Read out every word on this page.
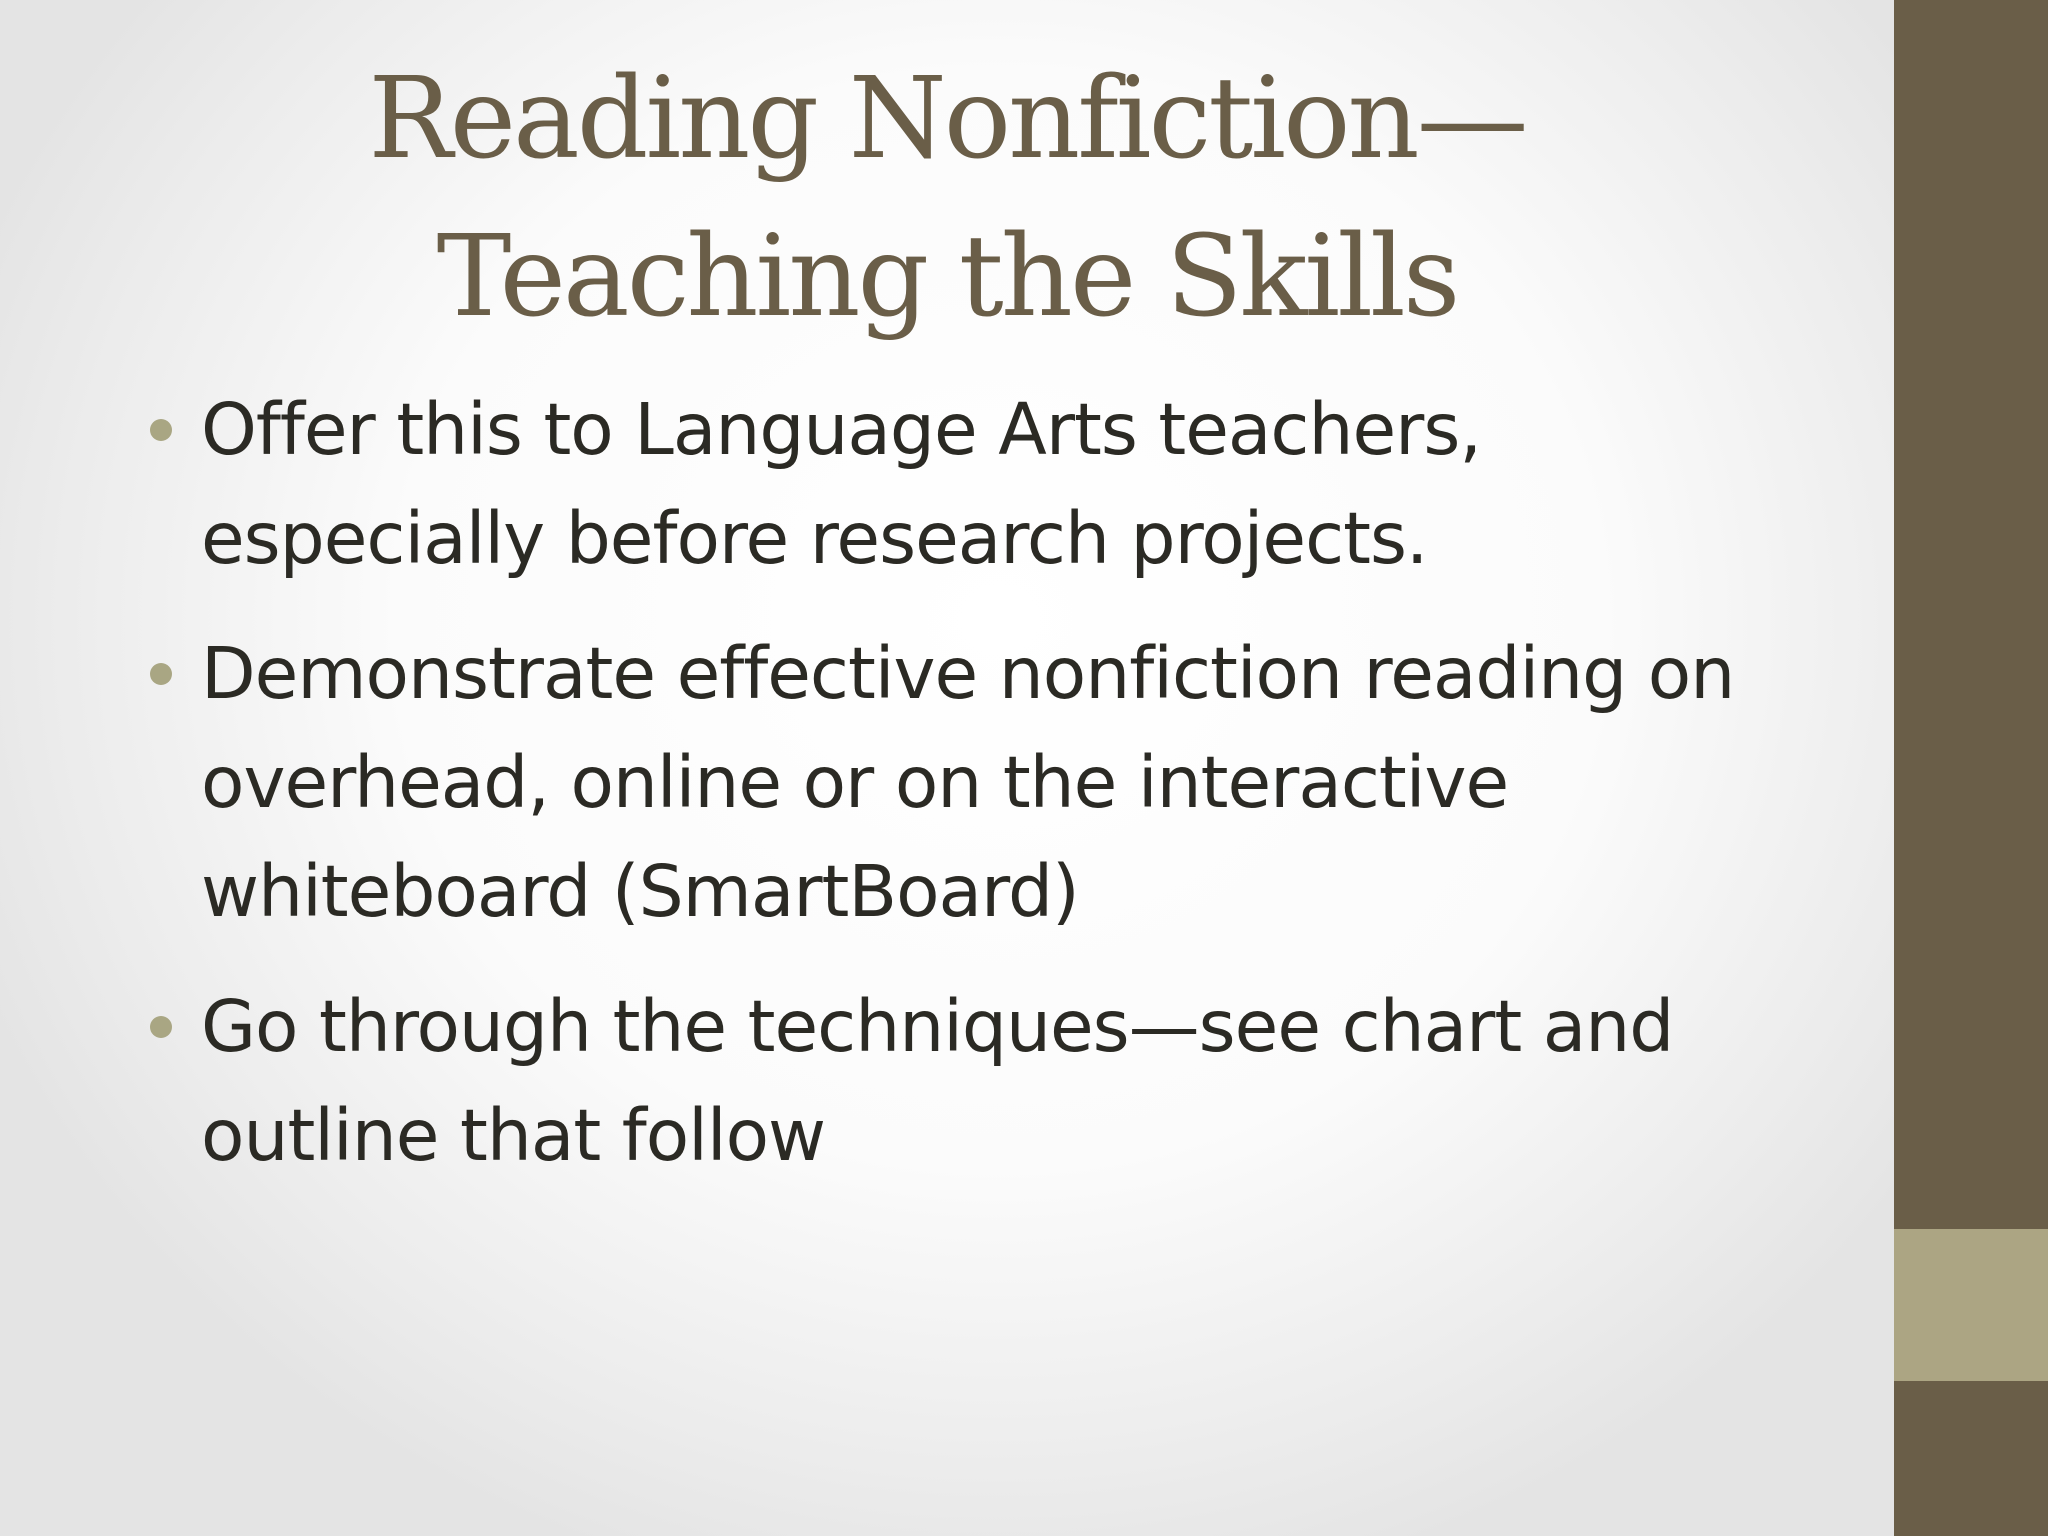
Reading Nonfiction—
Teaching the Skills
Offer this to Language Arts teachers, especially before research projects.
Demonstrate effective nonfiction reading on overhead, online or on the interactive whiteboard (SmartBoard)
Go through the techniques—see chart and outline that follow
